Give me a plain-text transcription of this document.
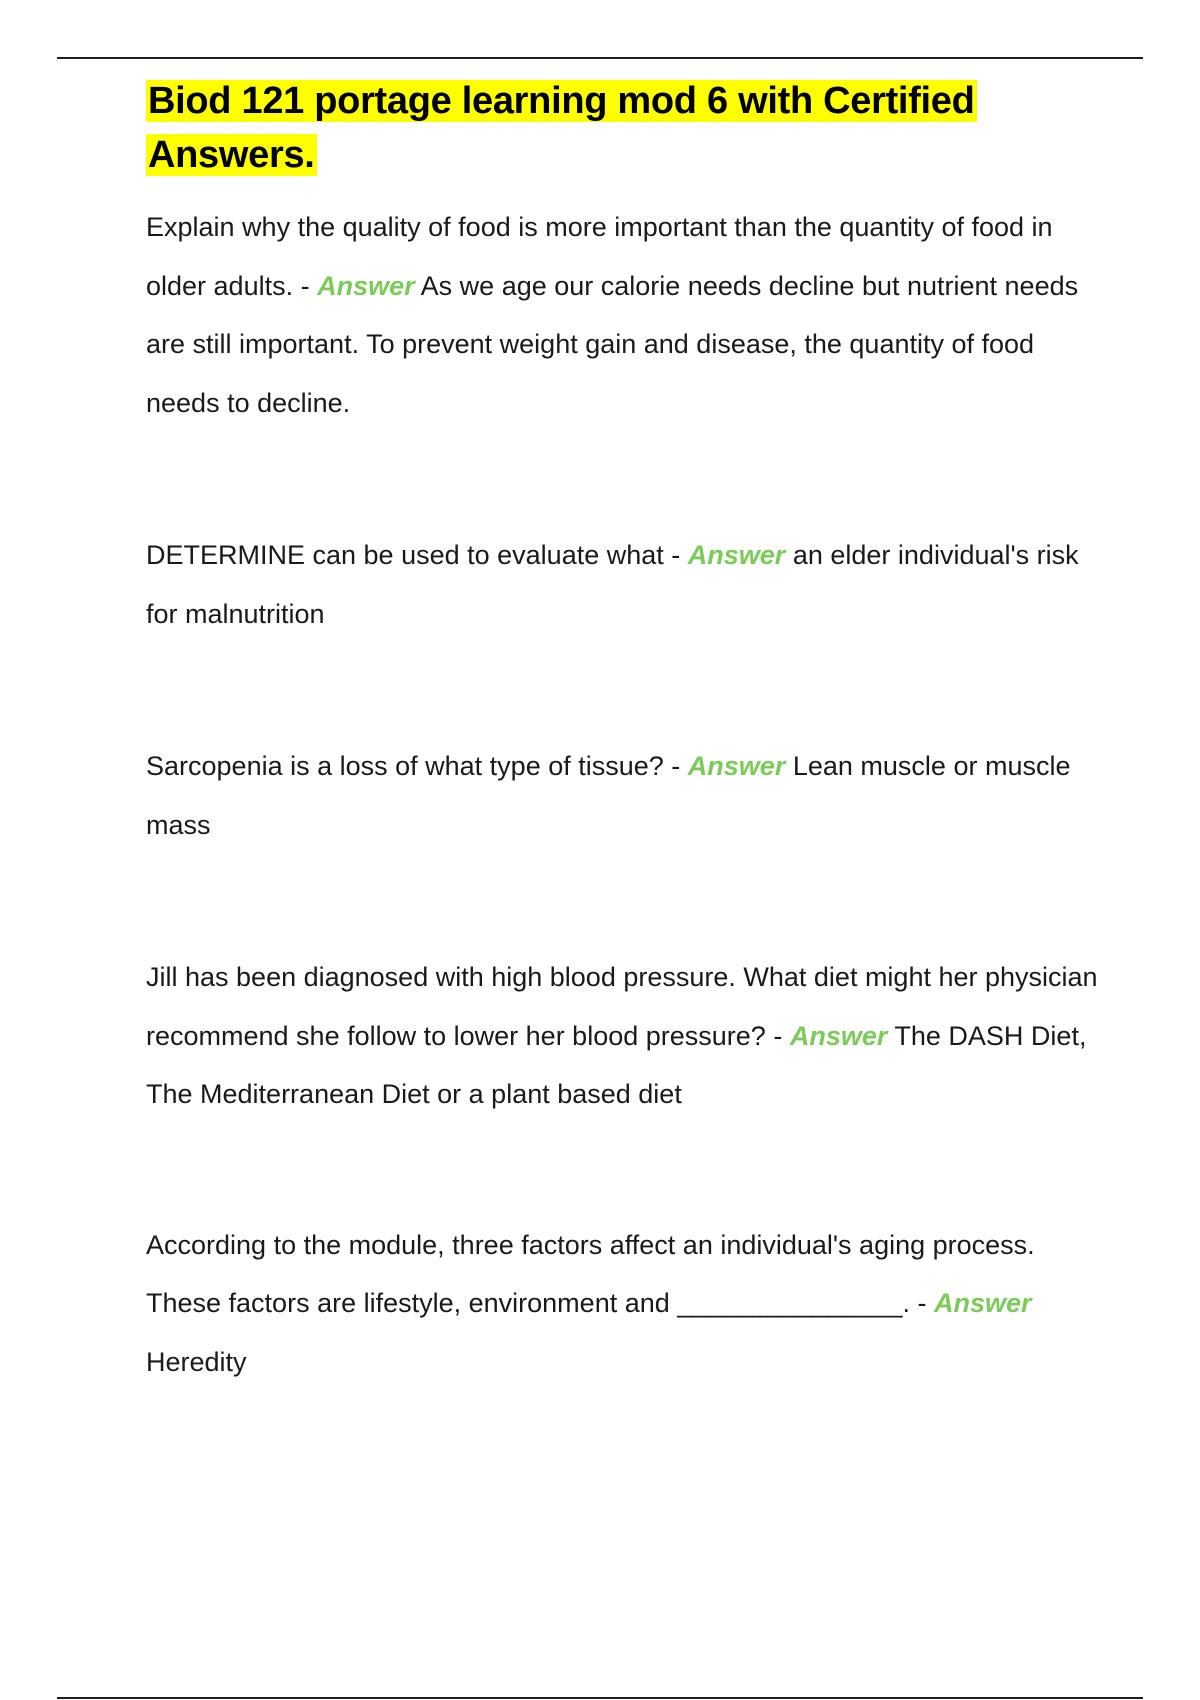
Biod 121 portage learning mod 6 with Certified Answers.

Explain why the quality of food is more important than the quantity of food in older adults. - Answer As we age our calorie needs decline but nutrient needs are still important. To prevent weight gain and disease, the quantity of food needs to decline.

DETERMINE can be used to evaluate what - Answer an elder individual's risk for malnutrition

Sarcopenia is a loss of what type of tissue? - Answer Lean muscle or muscle mass

Jill has been diagnosed with high blood pressure. What diet might her physician recommend she follow to lower her blood pressure? - Answer The DASH Diet, The Mediterranean Diet or a plant based diet

According to the module, three factors affect an individual's aging process. These factors are lifestyle, environment and _______________. - Answer Heredity
